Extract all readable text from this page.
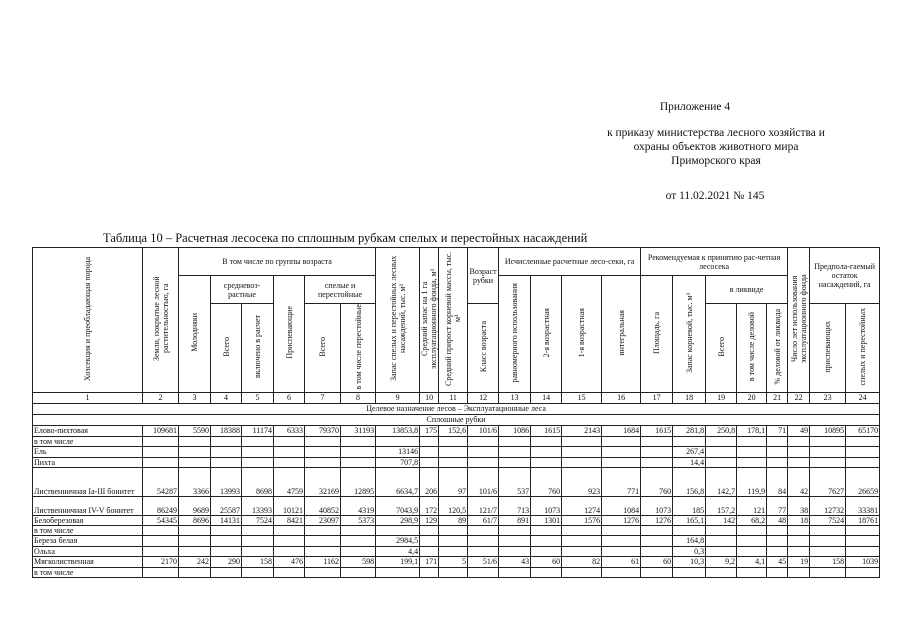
Приложение 4

к приказу министерства лесного хозяйства и

охраны объектов животного мира

Приморского края

от 11.02.2021 № 145

Таблица 10 – Расчетная лесосека по сплошным рубкам спелых и перестойных насаждений
Хозсекция и преобладающая порода	Земли, покрытые лесной растительностью, га	В том числе по группы возраста						Запас спелых и перестойных лесных насаждений, тыс. м³	Средний запас на 1 га эксплуатационного фонда, м³	Средний прирост корневой массы, тыс. м³	Возраст рубки	Исчисленные расчетные лесо-секи, га				Рекомендуемая к принятию рас-четная лесосека					Число лет использования эксплуатационного фонда	Предпола-гаемый остаток насаждений, га	
		Молодняки	средневоз-растные		Приспевающие	спелые и перестойные						равномерного использования	2-я возрастная	1-я возрастная	интегральная	Площадь, га	Запас корневой, тыс. м³	в ликвиде					
			Всего	включено в расчет		Всего	в том числе перестойные				Класс возраста							Всего	в том числе деловой	% деловой от ликвида		приспевающих	спелых и перестойных
1	2	3	4	5	6	7	8	9	10	11	12	13	14	15	16	17	18	19	20	21	22	23	24
Целевое назначение лесов – Эксплуатационные леса																							
Сплошные рубки																							
Елово-пихтовая	109681	5590	18388	11174	6333	79370	31193	13853,8	175	152,6	101/6	1086	1615	2143	1684	1615	281,8	250,8	178,1	71	49	10895	65170
в том числе																							
Ель								13146									267,4						
Пихта								707,8									14,4						
Лиственничная Ia-III бонитет	54287	3366	13993	8698	4759	32169	12895	6634,7	206	97	101/6	537	760	923	771	760	156,8	142,7	119,9	84	42	7627	26659
Лиственничная IV-V бонитет	86249	9689	25587	13393	10121	40852	4319	7043,9	172	120,5	121/7	713	1073	1274	1084	1073	185	157,2	121	77	38	12732	33381
Белоберезовая	54345	8696	14131	7524	8421	23097	5373	298,9	129	89	61/7	891	1301	1576	1276	1276	165,1	142	68,2	48	18	7524	18761
в том числе																							
Береза белая								2984,5									164,8						
Ольха								4,4									0,3						
Мягколиственная	2170	242	290	158	476	1162	598	199,1	171	5	51/6	43	60	82	61	60	10,3	9,2	4,1	45	19	158	1039
в том числе																							
